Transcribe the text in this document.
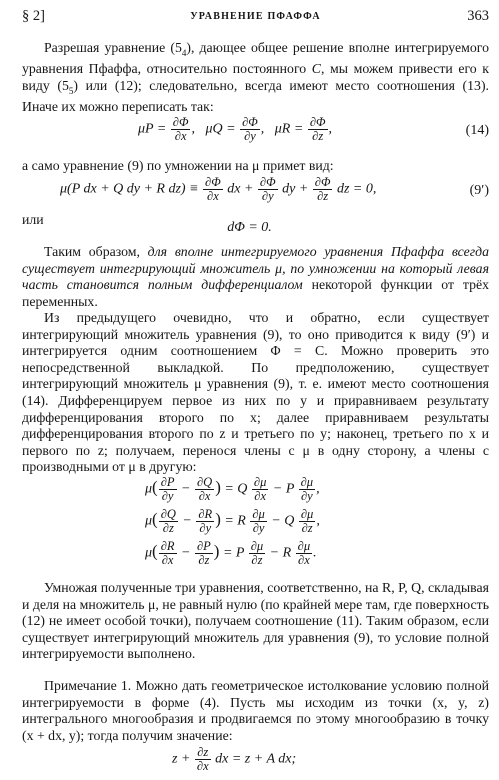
§ 2]	УРАВНЕНИЕ ПФАФФА	363

Разрешая уравнение $(5_4)$, дающее общее решение вполне интегрируемого уравнения Пфаффа, относительно постоянного C, мы можем привести его к виду $(5_5)$ или (12); следовательно, всегда имеют место соотношения (13). Иначе их можно переписать так:

$\mu P = \frac{\partial\Phi}{\partial x}$ ,   $\mu Q = \frac{\partial\Phi}{\partial y}$ ,   $\mu R = \frac{\partial\Phi}{\partial z}$ ,	(14)

а само уравнение (9) по умножении на μ примет вид:

μ(P dx + Q dy + R $dz) \equiv \frac{\partial\Phi}{\partial x}$ dx + $\frac{\partial\Phi}{\partial y}$ dy + $\frac{\partial\Phi}{\partial z}$ dz = 0,	(9′)
или
dΦ = 0.

Таким образом, для вполне интегрируемого уравнения Пфаффа всегда существует интегрирующий множитель μ, по умножении на который левая часть становится полным дифференциалом некоторой функции от трёх переменных.

Из предыдущего очевидно, что и обратно, если существует интегрирующий множитель уравнения (9), то оно приводится к виду (9′) и интегрируется одним соотношением Φ = C. Можно проверить это непосредственной выкладкой. По предположению, существует интегрирующий множитель μ уравнения (9), т. е. имеют место соотношения (14). Дифференцируем первое из них по y и приравниваем результату дифференцирования второго по x; далее приравниваем результаты дифференцирования второго по z и третьего по y; наконец, третьего по x и первого по z; получаем, перенося члены с μ в одну сторону, а члены с производными от μ в другую:

$\mu( \frac{\partial P}{\partial y} - \frac{\partial Q}{\partial x}$ ) = Q $\frac{\partial\mu}{\partial x} - P \frac{\partial\mu}{\partial y}$ ,
$\mu( \frac{\partial Q}{\partial z} - \frac{\partial R}{\partial y}$ ) = R $\frac{\partial\mu}{\partial y} - Q \frac{\partial\mu}{\partial z}$ ,
$\mu( \frac{\partial R}{\partial x} - \frac{\partial P}{\partial z}$ ) = P $\frac{\partial\mu}{\partial z} - R \frac{\partial\mu}{\partial x}$ .

Умножая полученные три уравнения, соответственно, на R, P, Q, складывая и деля на множитель μ, не равный нулю (по крайней мере там, где поверхность (12) не имеет особой точки), получаем соотношение (11). Таким образом, если существует интегрирующий множитель для уравнения (9), то условие полной интегрируемости выполнено.

Примечание 1. Можно дать геометрическое истолкование условию полной интегрируемости в форме (4). Пусть мы исходим из точки (x, y, z) интегрального многообразия и продвигаемся по этому многообразию в точку (x + dx, y); тогда получим значение:

$z + \frac{\partial z}{\partial x}$ dx = z + A dx;
